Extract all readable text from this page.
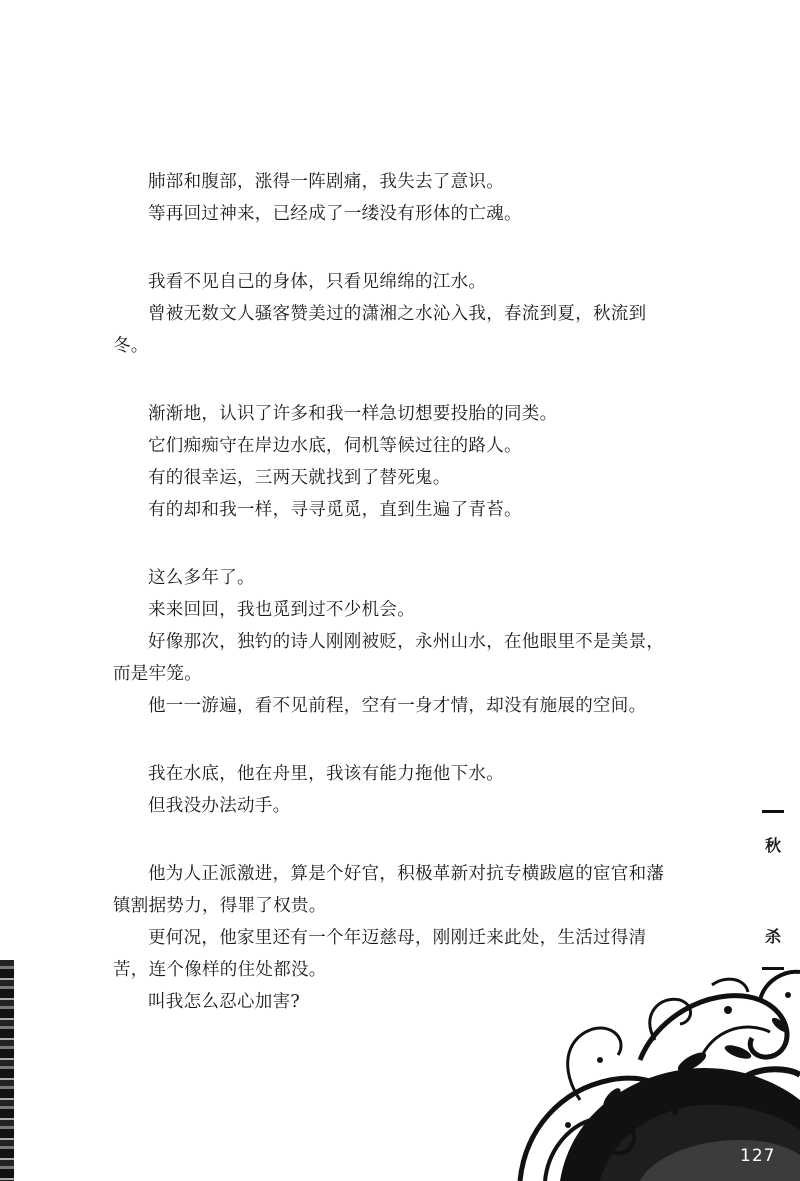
肺部和腹部，涨得一阵剧痛，我失去了意识。
等再回过神来，已经成了一缕没有形体的亡魂。
我看不见自己的身体，只看见绵绵的江水。
曾被无数文人骚客赞美过的潇湘之水沁入我，春流到夏，秋流到
冬。
渐渐地，认识了许多和我一样急切想要投胎的同类。
它们痴痴守在岸边水底，伺机等候过往的路人。
有的很幸运，三两天就找到了替死鬼。
有的却和我一样，寻寻觅觅，直到生遍了青苔。
这么多年了。
来来回回，我也觅到过不少机会。
好像那次，独钓的诗人刚刚被贬，永州山水，在他眼里不是美景，
而是牢笼。
他一一游遍，看不见前程，空有一身才情，却没有施展的空间。
我在水底，他在舟里，我该有能力拖他下水。
但我没办法动手。
他为人正派激进，算是个好官，积极革新对抗专横跋扈的宦官和藩
镇割据势力，得罪了权贵。
更何况，他家里还有一个年迈慈母，刚刚迁来此处，生活过得清
苦，连个像样的住处都没。
叫我怎么忍心加害?
秋
杀
127
